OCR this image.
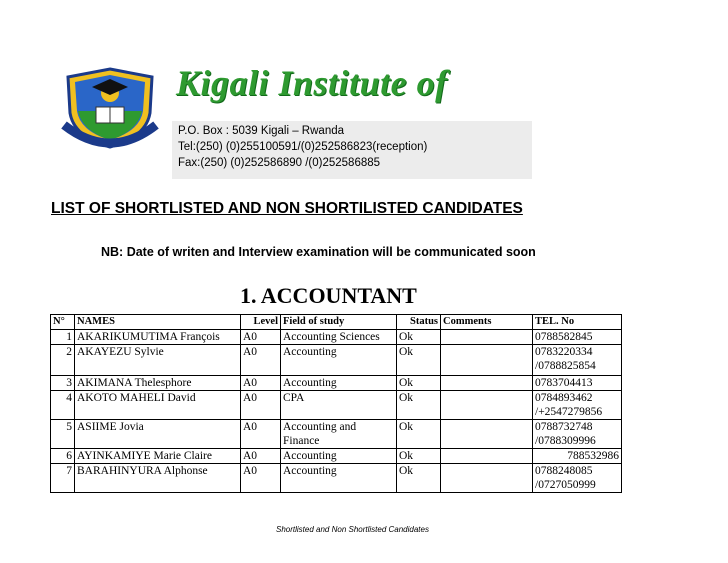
Kigali Institute of
P.O. Box : 5039 Kigali – Rwanda
Tel:(250) (0)255100591/(0)252586823(reception)
Fax:(250) (0)252586890 /(0)252586885
LIST OF SHORTLISTED AND NON SHORTILISTED CANDIDATES
NB: Date of writen and Interview examination will be communicated soon
1. ACCOUNTANT
N°	NAMES	Level	Field of study	Status	Comments	TEL. No
1	AKARIKUMUTIMA François	A0	Accounting Sciences	Ok		0788582845
2	AKAYEZU Sylvie	A0	Accounting	Ok		0783220334
/0788825854
3	AKIMANA Thelesphore	A0	Accounting	Ok		0783704413
4	AKOTO MAHELI David	A0	CPA	Ok		0784893462
/+2547279856
5	ASIIME Jovia	A0	Accounting and Finance	Ok		0788732748
/0788309996
6	AYINKAMIYE Marie Claire	A0	Accounting	Ok		788532986
7	BARAHINYURA Alphonse	A0	Accounting	Ok		0788248085
/0727050999
Shortlisted and Non Shortlisted Candidates
